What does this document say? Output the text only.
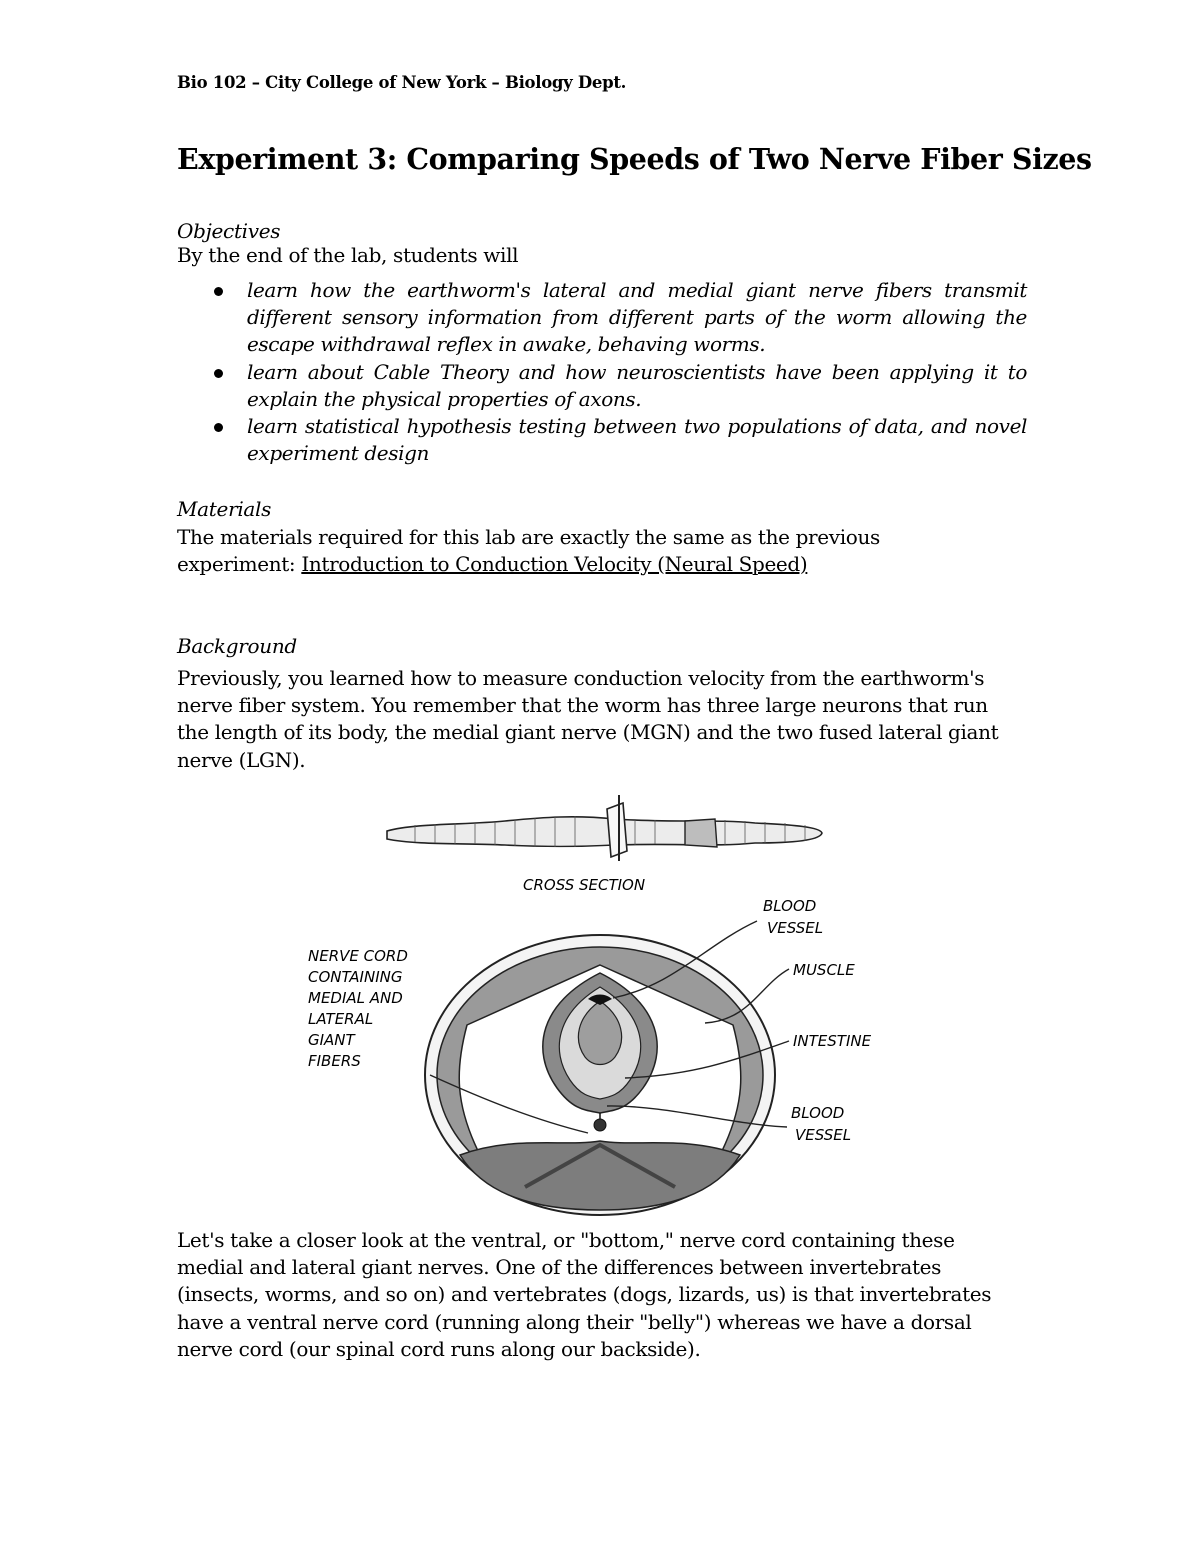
Bio 102 – City College of New York – Biology Dept.
Experiment 3: Comparing Speeds of Two Nerve Fiber Sizes
Objectives
By the end of the lab, students will
learn how the earthworm's lateral and medial giant nerve fibers transmit different sensory information from different parts of the worm allowing the escape withdrawal reflex in awake, behaving worms.
learn about Cable Theory and how neuroscientists have been applying it to explain the physical properties of axons.
learn statistical hypothesis testing between two populations of data, and novel experiment design
Materials
The materials required for this lab are exactly the same as the previous experiment: Introduction to Conduction Velocity (Neural Speed)
Background
Previously, you learned how to measure conduction velocity from the earthworm's nerve fiber system. You remember that the worm has three large neurons that run the length of its body, the medial giant nerve (MGN) and the two fused lateral giant nerve (LGN).
CROSS SECTION
BLOOD
VESSEL
MUSCLE
INTESTINE
BLOOD
VESSEL
NERVE CORD
CONTAINING
MEDIAL AND
LATERAL
GIANT
FIBERS
Let's take a closer look at the ventral, or "bottom," nerve cord containing these medial and lateral giant nerves. One of the differences between invertebrates (insects, worms, and so on) and vertebrates (dogs, lizards, us) is that invertebrates have a ventral nerve cord (running along their "belly") whereas we have a dorsal nerve cord (our spinal cord runs along our backside).
